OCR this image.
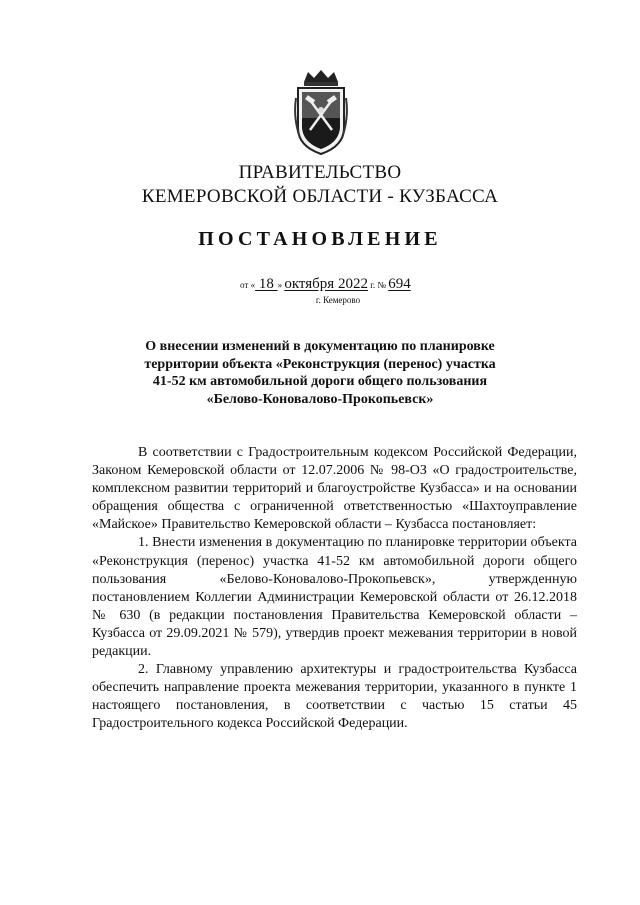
ПРАВИТЕЛЬСТВО
КЕМЕРОВСКОЙ ОБЛАСТИ - КУЗБАССА
ПОСТАНОВЛЕНИЕ
от « 18 » октября 2022 г. № 694
г. Кемерово
О внесении изменений в документацию по планировке
территории объекта «Реконструкция (перенос) участка
41-52 км автомобильной дороги общего пользования
«Белово-Коновалово-Прокопьевск»

В соответствии с Градостроительным кодексом Российской Федерации, Законом Кемеровской области от 12.07.2006 № 98-ОЗ «О градостроительстве, комплексном развитии территорий и благоустройстве Кузбасса» и на основании обращения общества с ограниченной ответственностью «Шахтоуправление «Майское» Правительство Кемеровской области – Кузбасса постановляет:

1. Внести изменения в документацию по планировке территории объекта «Реконструкция (перенос) участка 41-52 км автомобильной дороги общего пользования «Белово-Коновалово-Прокопьевск», утвержденную постановлением Коллегии Администрации Кемеровской области от 26.12.2018 № 630 (в редакции постановления Правительства Кемеровской области – Кузбасса от 29.09.2021 № 579), утвердив проект межевания территории в новой редакции.

2. Главному управлению архитектуры и градостроительства Кузбасса обеспечить направление проекта межевания территории, указанного в пункте 1 настоящего постановления, в соответствии с частью 15 статьи 45 Градостроительного кодекса Российской Федерации.
